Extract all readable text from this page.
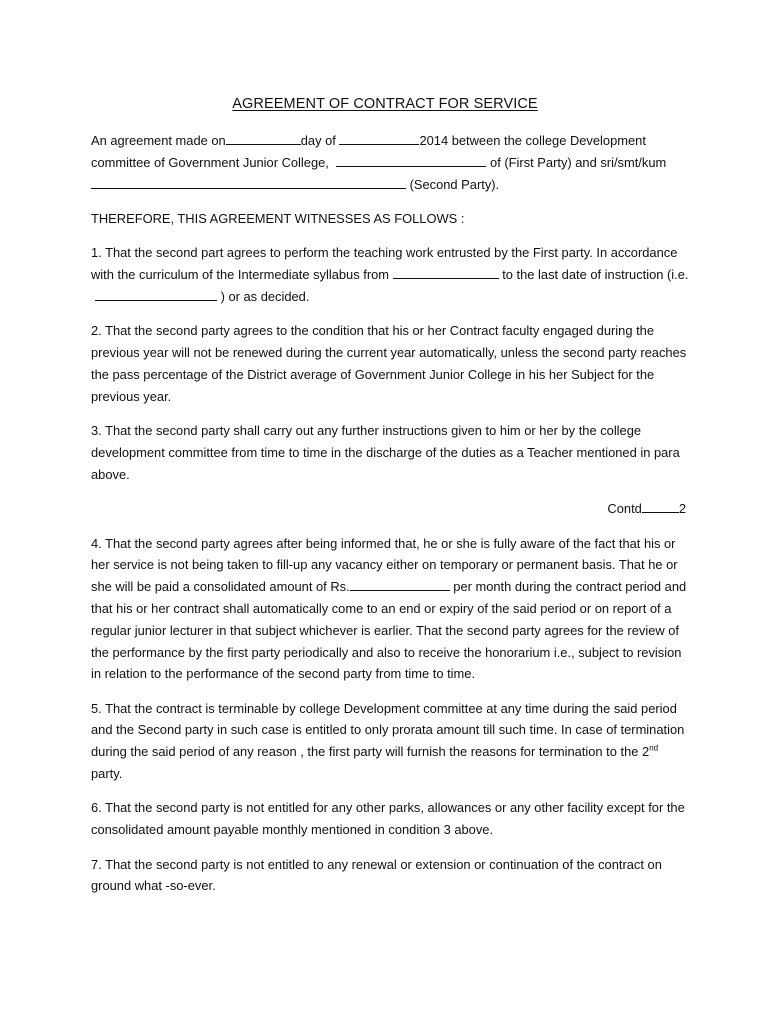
AGREEMENT OF CONTRACT FOR SERVICE

An agreement made on	day of	2014 between the college Development committee of Government Junior College,	of (First Party) and sri/smt/kum (Second Party).

THEREFORE, THIS AGREEMENT WITNESSES AS FOLLOWS :

1. That the second part agrees to perform the teaching work entrusted by the First party. In accordance with the curriculum of the Intermediate syllabus from	to the last date of instruction (i.e.  ) or as decided.

2. That the second party agrees to the condition that his or her Contract faculty engaged during the previous year will not be renewed during the current year automatically, unless the second party reaches the pass percentage of the District average of Government Junior College in his her Subject for the previous year.

3. That the second party shall carry out any further instructions given to him or her by the college development committee from time to time in the discharge of the duties as a Teacher mentioned in para above.

Contd	2

4. That the second party agrees after being informed that, he or she is fully aware of the fact that his or her service is not being taken to fill-up any vacancy either on temporary or permanent basis. That he or she will be paid a consolidated amount of Rs.	per month during the contract period and that his or her contract shall automatically come to an end or expiry of the said period or on report of a regular junior lecturer in that subject whichever is earlier. That the second party agrees for the review of the performance by the first party periodically and also to receive the honorarium i.e., subject to revision in relation to the performance of the second party from time to time.

5. That the contract is terminable by college Development committee at any time during the said period and the Second party in such case is entitled to only prorata amount till such time. In case of termination during the said period of any reason , the first party will furnish the reasons for termination to the 2nd party.

6. That the second party is not entitled for any other parks, allowances or any other facility except for the consolidated amount payable monthly mentioned in condition 3 above.

7. That the second party is not entitled to any renewal or extension or continuation of the contract on ground what -so-ever.
